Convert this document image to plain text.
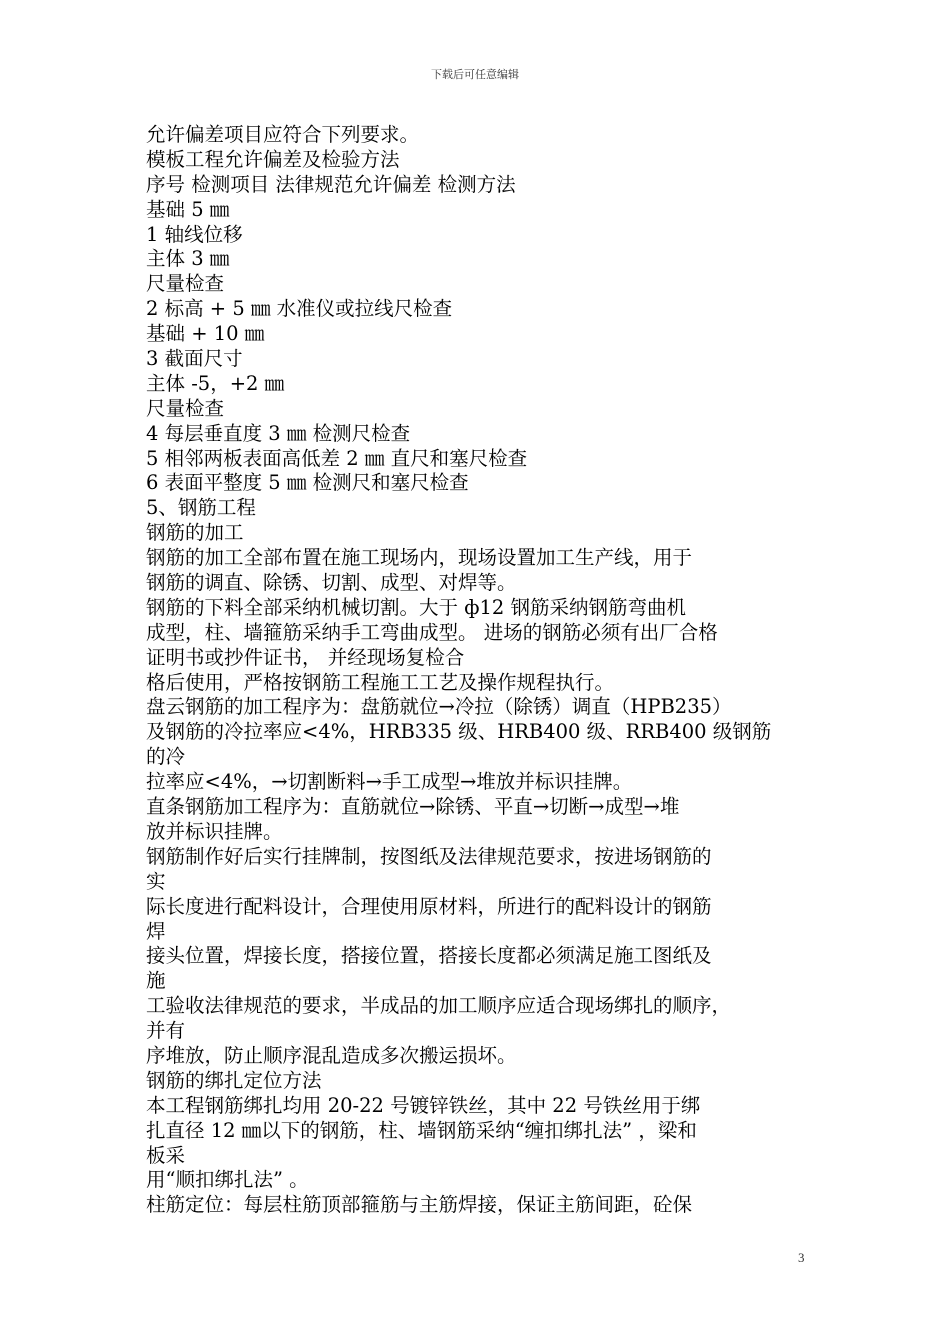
下载后可任意编辑
允许偏差项目应符合下列要求。
模板工程允许偏差及检验方法
序号 检测项目 法律规范允许偏差 检测方法
基础 5 ㎜
1 轴线位移
主体 3 ㎜
尺量检查
2 标高 + 5 ㎜ 水准仪或拉线尺检查
基础 + 10 ㎜
3 截面尺寸
主体 -5，+2 ㎜
尺量检查
4 每层垂直度 3 ㎜ 检测尺检查
5 相邻两板表面高低差 2 ㎜ 直尺和塞尺检查
6 表面平整度 5 ㎜ 检测尺和塞尺检查
5、钢筋工程
钢筋的加工
钢筋的加工全部布置在施工现场内，现场设置加工生产线，用于
钢筋的调直、除锈、切割、成型、对焊等。
钢筋的下料全部采纳机械切割。大于 ф12 钢筋采纳钢筋弯曲机
成型，柱、墙箍筋采纳手工弯曲成型。 进场的钢筋必须有出厂合格
证明书或抄件证书， 并经现场复检合
格后使用，严格按钢筋工程施工工艺及操作规程执行。
盘云钢筋的加工程序为：盘筋就位→冷拉（除锈）调直（HPB235）
及钢筋的冷拉率应<4%，HRB335 级、HRB400 级、RRB400 级钢筋
的冷
拉率应<4%，→切割断料→手工成型→堆放并标识挂牌。
直条钢筋加工程序为：直筋就位→除锈、平直→切断→成型→堆
放并标识挂牌。
钢筋制作好后实行挂牌制，按图纸及法律规范要求，按进场钢筋的
实
际长度进行配料设计，合理使用原材料，所进行的配料设计的钢筋
焊
接头位置，焊接长度，搭接位置，搭接长度都必须满足施工图纸及
施
工验收法律规范的要求，半成品的加工顺序应适合现场绑扎的顺序，
并有
序堆放，防止顺序混乱造成多次搬运损坏。
钢筋的绑扎定位方法
本工程钢筋绑扎均用 20-22 号镀锌铁丝，其中 22 号铁丝用于绑
扎直径 12 ㎜以下的钢筋，柱、墙钢筋采纳“缠扣绑扎法” ，梁和
板采
用“顺扣绑扎法” 。
柱筋定位：每层柱筋顶部箍筋与主筋焊接，保证主筋间距，砼保
3
